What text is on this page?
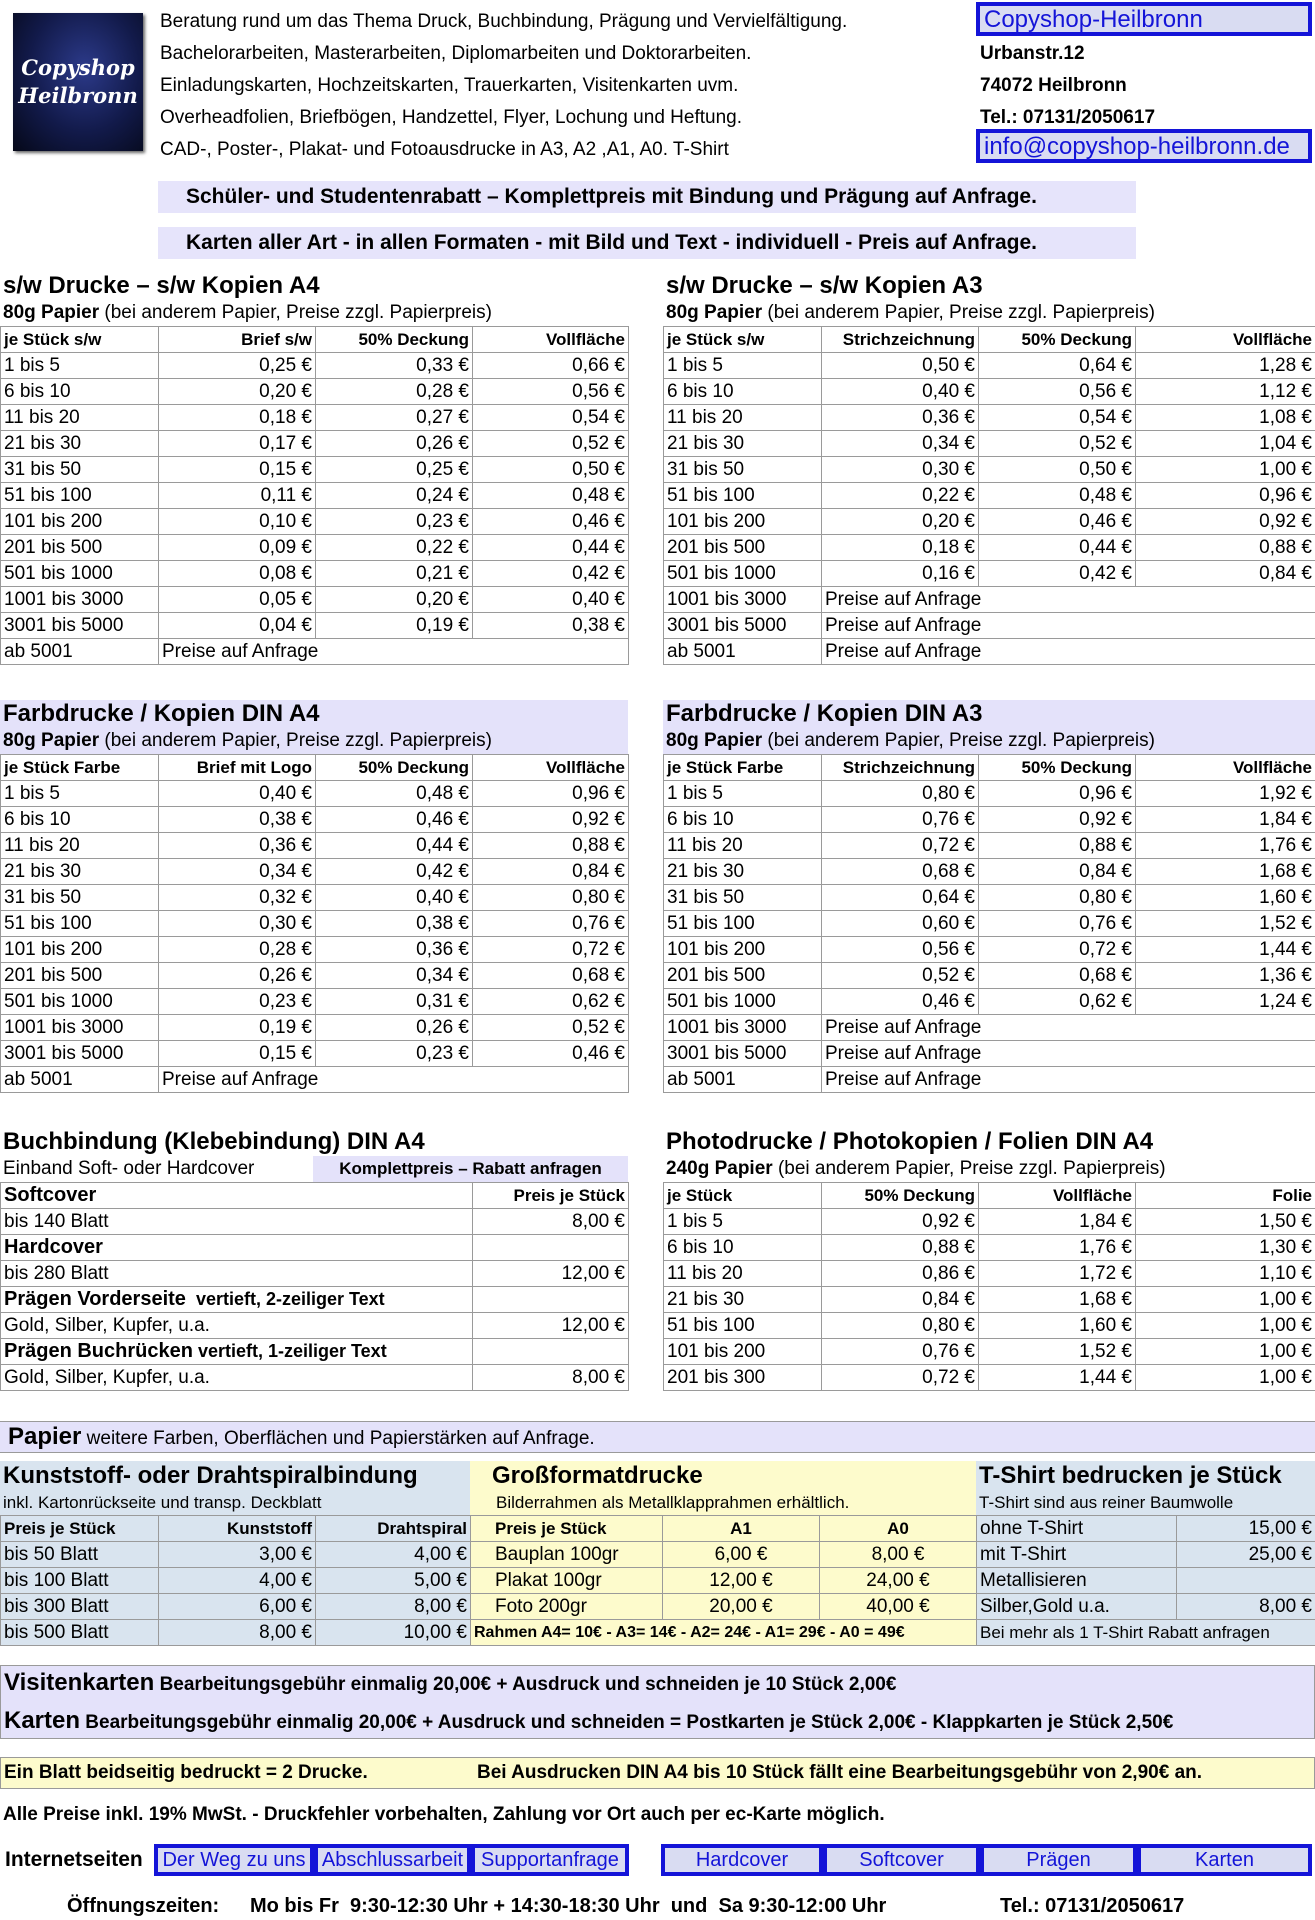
Copyshop
Heilbronn
Beratung rund um das Thema Druck, Buchbindung, Prägung und Vervielfältigung.
Bachelorarbeiten, Masterarbeiten, Diplomarbeiten und Doktorarbeiten.
Einladungskarten, Hochzeitskarten, Trauerkarten, Visitenkarten uvm.
Overheadfolien, Briefbögen, Handzettel, Flyer, Lochung und Heftung.
CAD-, Poster-, Plakat- und Fotoausdrucke in A3, A2 ,A1, A0. T-Shirt
Copyshop-Heilbronn
Urbanstr.12
74072 Heilbronn
Tel.: 07131/2050617
info@copyshop-heilbronn.de
Schüler- und Studentenrabatt – Komplettpreis mit Bindung und Prägung auf Anfrage.
Karten aller Art - in allen Formaten - mit Bild und Text - individuell - Preis auf Anfrage.
s/w Drucke – s/w Kopien A4
80g Papier (bei anderem Papier, Preise zzgl. Papierpreis)
je Stück s/w	Brief s/w	50% Deckung	Vollfläche
1 bis 5	0,25 €	0,33 €	0,66 €
6 bis 10	0,20 €	0,28 €	0,56 €
11 bis 20	0,18 €	0,27 €	0,54 €
21 bis 30	0,17 €	0,26 €	0,52 €
31 bis 50	0,15 €	0,25 €	0,50 €
51 bis 100	0,11 €	0,24 €	0,48 €
101 bis 200	0,10 €	0,23 €	0,46 €
201 bis 500	0,09 €	0,22 €	0,44 €
501 bis 1000	0,08 €	0,21 €	0,42 €
1001 bis 3000	0,05 €	0,20 €	0,40 €
3001 bis 5000	0,04 €	0,19 €	0,38 €
ab 5001	Preise auf Anfrage		
s/w Drucke – s/w Kopien A3
80g Papier (bei anderem Papier, Preise zzgl. Papierpreis)
je Stück s/w	Strichzeichnung	50% Deckung	Vollfläche
1 bis 5	0,50 €	0,64 €	1,28 €
6 bis 10	0,40 €	0,56 €	1,12 €
11 bis 20	0,36 €	0,54 €	1,08 €
21 bis 30	0,34 €	0,52 €	1,04 €
31 bis 50	0,30 €	0,50 €	1,00 €
51 bis 100	0,22 €	0,48 €	0,96 €
101 bis 200	0,20 €	0,46 €	0,92 €
201 bis 500	0,18 €	0,44 €	0,88 €
501 bis 1000	0,16 €	0,42 €	0,84 €
1001 bis 3000	Preise auf Anfrage		
3001 bis 5000	Preise auf Anfrage		
ab 5001	Preise auf Anfrage		
Farbdrucke / Kopien DIN A4
80g Papier (bei anderem Papier, Preise zzgl. Papierpreis)
je Stück Farbe	Brief mit Logo	50% Deckung	Vollfläche
1 bis 5	0,40 €	0,48 €	0,96 €
6 bis 10	0,38 €	0,46 €	0,92 €
11 bis 20	0,36 €	0,44 €	0,88 €
21 bis 30	0,34 €	0,42 €	0,84 €
31 bis 50	0,32 €	0,40 €	0,80 €
51 bis 100	0,30 €	0,38 €	0,76 €
101 bis 200	0,28 €	0,36 €	0,72 €
201 bis 500	0,26 €	0,34 €	0,68 €
501 bis 1000	0,23 €	0,31 €	0,62 €
1001 bis 3000	0,19 €	0,26 €	0,52 €
3001 bis 5000	0,15 €	0,23 €	0,46 €
ab 5001	Preise auf Anfrage		
Farbdrucke / Kopien DIN A3
80g Papier (bei anderem Papier, Preise zzgl. Papierpreis)
je Stück Farbe	Strichzeichnung	50% Deckung	Vollfläche
1 bis 5	0,80 €	0,96 €	1,92 €
6 bis 10	0,76 €	0,92 €	1,84 €
11 bis 20	0,72 €	0,88 €	1,76 €
21 bis 30	0,68 €	0,84 €	1,68 €
31 bis 50	0,64 €	0,80 €	1,60 €
51 bis 100	0,60 €	0,76 €	1,52 €
101 bis 200	0,56 €	0,72 €	1,44 €
201 bis 500	0,52 €	0,68 €	1,36 €
501 bis 1000	0,46 €	0,62 €	1,24 €
1001 bis 3000	Preise auf Anfrage		
3001 bis 5000	Preise auf Anfrage		
ab 5001	Preise auf Anfrage		
Buchbindung (Klebebindung) DIN A4
Einband Soft- oder Hardcover	Komplettpreis – Rabatt anfragen
Softcover	Preis je Stück
bis 140 Blatt	8,00 €
Hardcover	
bis 280 Blatt	12,00 €
Prägen Vorderseite  vertieft, 2-zeiliger Text	
Gold, Silber, Kupfer, u.a.	12,00 €
Prägen Buchrücken vertieft, 1-zeiliger Text	
Gold, Silber, Kupfer, u.a.	8,00 €
Photodrucke / Photokopien / Folien DIN A4
240g Papier (bei anderem Papier, Preise zzgl. Papierpreis)
je Stück	50% Deckung	Vollfläche	Folie
1 bis 5	0,92 €	1,84 €	1,50 €
6 bis 10	0,88 €	1,76 €	1,30 €
11 bis 20	0,86 €	1,72 €	1,10 €
21 bis 30	0,84 €	1,68 €	1,00 €
51 bis 100	0,80 €	1,60 €	1,00 €
101 bis 200	0,76 €	1,52 €	1,00 €
201 bis 300	0,72 €	1,44 €	1,00 €
Papier weitere Farben, Oberflächen und Papierstärken auf Anfrage.
Kunststoff- oder Drahtspiralbindung
inkl. Kartonrückseite und transp. Deckblatt
Preis je Stück	Kunststoff	Drahtspiral
bis 50 Blatt	3,00 €	4,00 €
bis 100 Blatt	4,00 €	5,00 €
bis 300 Blatt	6,00 €	8,00 €
bis 500 Blatt	8,00 €	10,00 €
Großformatdrucke
Bilderrahmen als Metallklapprahmen erhältlich.
Preis je Stück	A1	A0
Bauplan 100gr	6,00 €	8,00 €
Plakat 100gr	12,00 €	24,00 €
Foto 200gr	20,00 €	40,00 €
Rahmen A4= 10€ - A3= 14€ - A2= 24€ - A1= 29€ - A0 = 49€		
T-Shirt bedrucken je Stück
T-Shirt sind aus reiner Baumwolle
ohne T-Shirt	15,00 €
mit T-Shirt	25,00 €
Metallisieren	
Silber,Gold u.a.	8,00 €
Bei mehr als 1 T-Shirt Rabatt anfragen	
Visitenkarten Bearbeitungsgebühr einmalig 20,00€ + Ausdruck und schneiden je 10 Stück 2,00€
Karten Bearbeitungsgebühr einmalig 20,00€ + Ausdruck und schneiden = Postkarten je Stück 2,00€ - Klappkarten je Stück 2,50€
Ein Blatt beidseitig bedruckt = 2 Drucke.	Bei Ausdrucken DIN A4 bis 10 Stück fällt eine Bearbeitungsgebühr von 2,90€ an.
Alle Preise inkl. 19% MwSt. - Druckfehler vorbehalten, Zahlung vor Ort auch per ec-Karte möglich.
Internetseiten Der Weg zu uns Abschlussarbeit Supportanfrage	Hardcover	Softcover	Prägen	Karten
Öffnungszeiten: Mo bis Fr  9:30-12:30 Uhr + 14:30-18:30 Uhr  und  Sa 9:30-12:00 Uhr	Tel.: 07131/2050617
